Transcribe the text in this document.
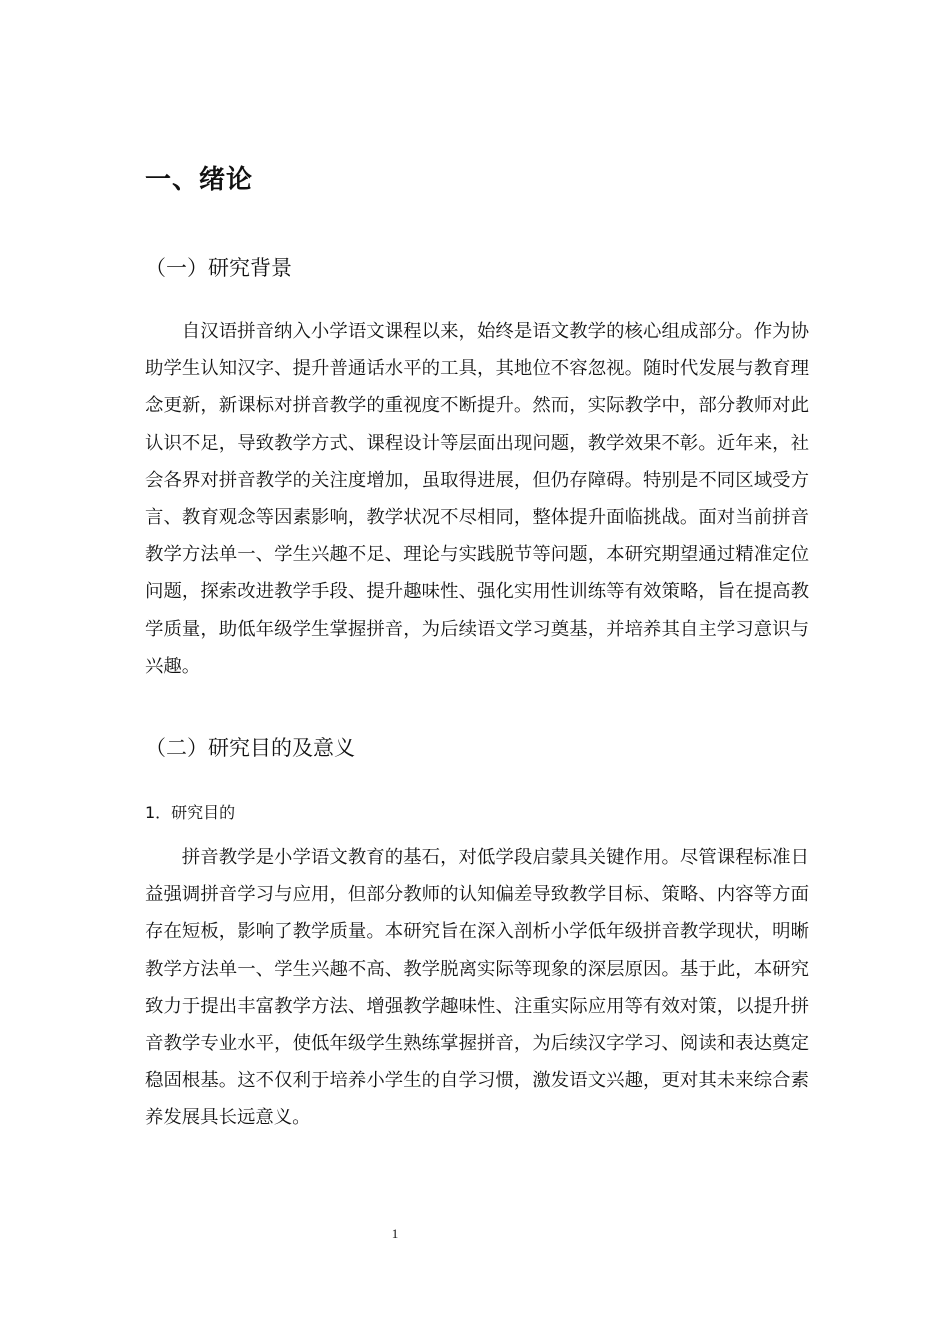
一、绪论
（一）研究背景

自汉语拼音纳入小学语文课程以来，始终是语文教学的核心组成部分。作为协助学生认知汉字、提升普通话水平的工具，其地位不容忽视。随时代发展与教育理念更新，新课标对拼音教学的重视度不断提升。然而，实际教学中，部分教师对此认识不足，导致教学方式、课程设计等层面出现问题，教学效果不彰。近年来，社会各界对拼音教学的关注度增加，虽取得进展，但仍存障碍。特别是不同区域受方言、教育观念等因素影响，教学状况不尽相同，整体提升面临挑战。面对当前拼音教学方法单一、学生兴趣不足、理论与实践脱节等问题，本研究期望通过精准定位问题，探索改进教学手段、提升趣味性、强化实用性训练等有效策略，旨在提高教学质量，助低年级学生掌握拼音，为后续语文学习奠基，并培养其自主学习意识与兴趣。

（二）研究目的及意义
1．研究目的

拼音教学是小学语文教育的基石，对低学段启蒙具关键作用。尽管课程标准日益强调拼音学习与应用，但部分教师的认知偏差导致教学目标、策略、内容等方面存在短板，影响了教学质量。本研究旨在深入剖析小学低年级拼音教学现状，明晰教学方法单一、学生兴趣不高、教学脱离实际等现象的深层原因。基于此，本研究致力于提出丰富教学方法、增强教学趣味性、注重实际应用等有效对策，以提升拼音教学专业水平，使低年级学生熟练掌握拼音，为后续汉字学习、阅读和表达奠定稳固根基。这不仅利于培养小学生的自学习惯，激发语文兴趣，更对其未来综合素养发展具长远意义。

1
